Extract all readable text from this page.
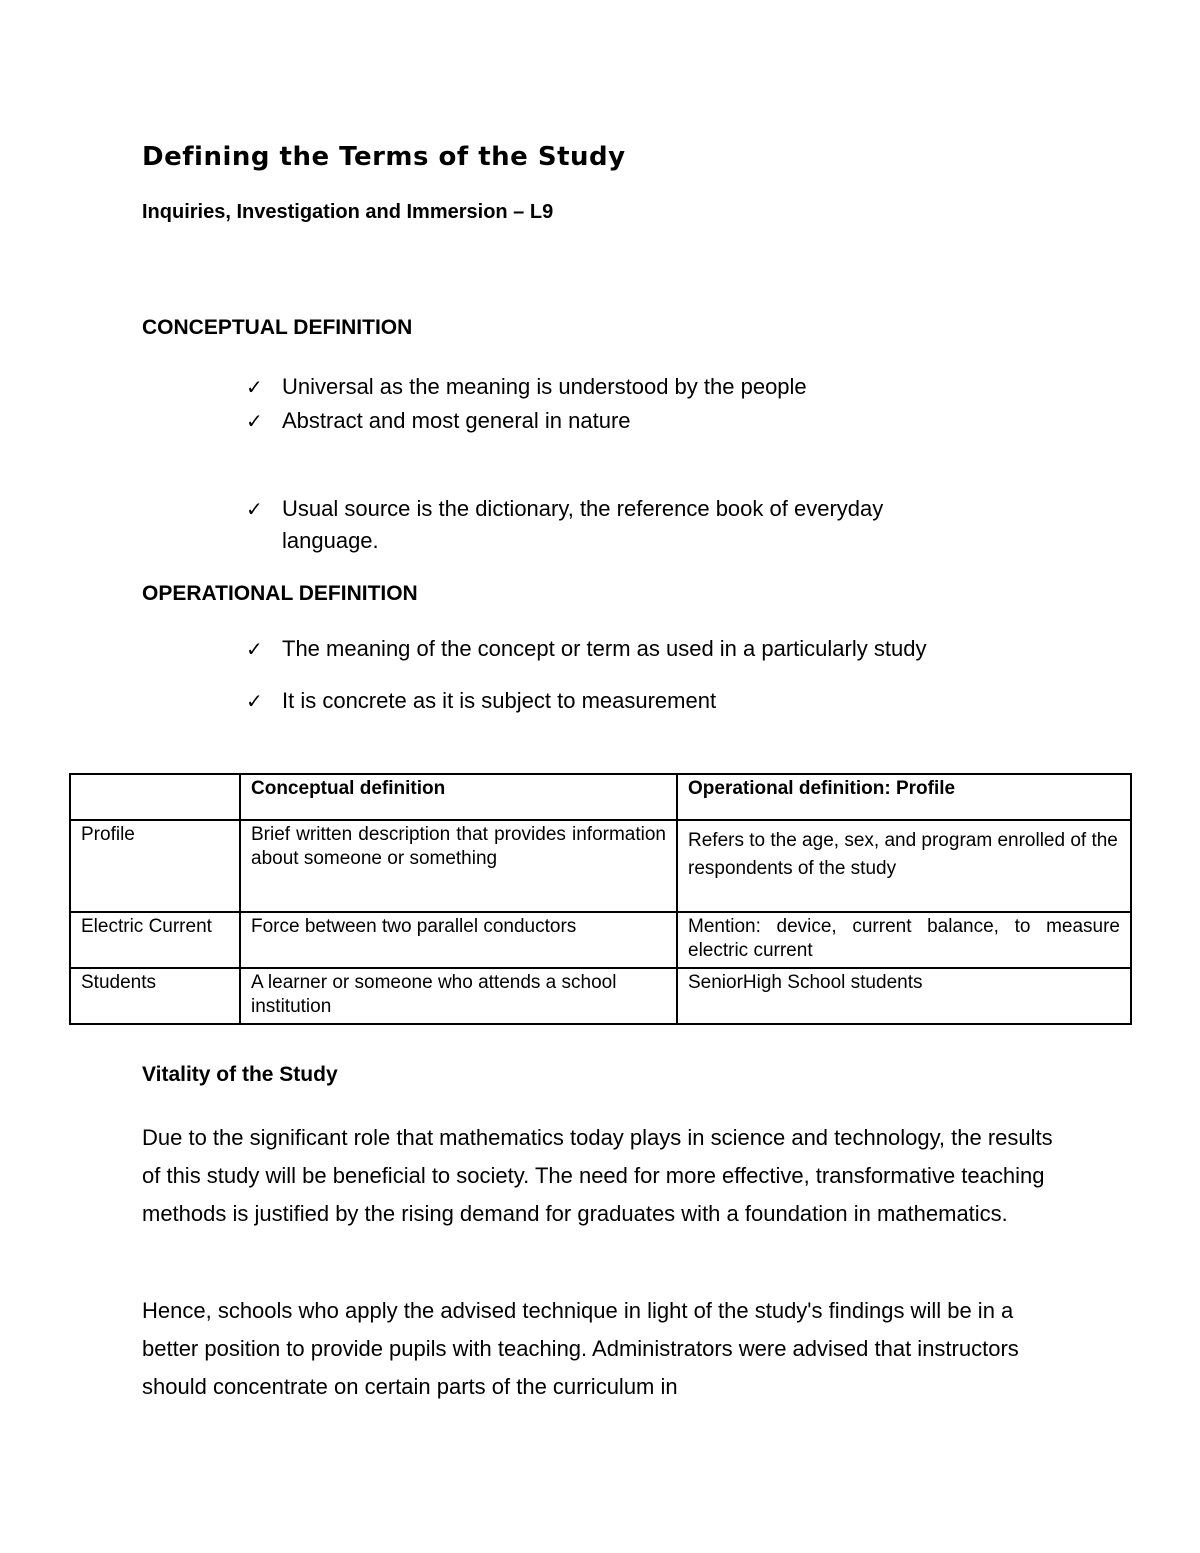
Defining the Terms of the Study
Inquiries, Investigation and Immersion – L9
CONCEPTUAL DEFINITION
✓ Universal as the meaning is understood by the people
✓ Abstract and most general in nature
✓ Usual source is the dictionary, the reference book of everyday language.
OPERATIONAL DEFINITION
✓ The meaning of the concept or term as used in a particularly study
✓ It is concrete as it is subject to measurement
	Conceptual definition	Operational definition: Profile
Profile	Brief written description that provides information about someone or something	Refers to the age, sex, and program enrolled of the respondents of the study
Electric Current	Force between two parallel conductors	Mention: device, current balance, to measure electric current
Students	A learner or someone who attends a school institution	SeniorHigh School students
Vitality of the Study
Due to the significant role that mathematics today plays in science and technology, the results of this study will be beneficial to society. The need for more effective, transformative teaching methods is justified by the rising demand for graduates with a foundation in mathematics.
Hence, schools who apply the advised technique in light of the study's findings will be in a better position to provide pupils with teaching. Administrators were advised that instructors should concentrate on certain parts of the curriculum in
